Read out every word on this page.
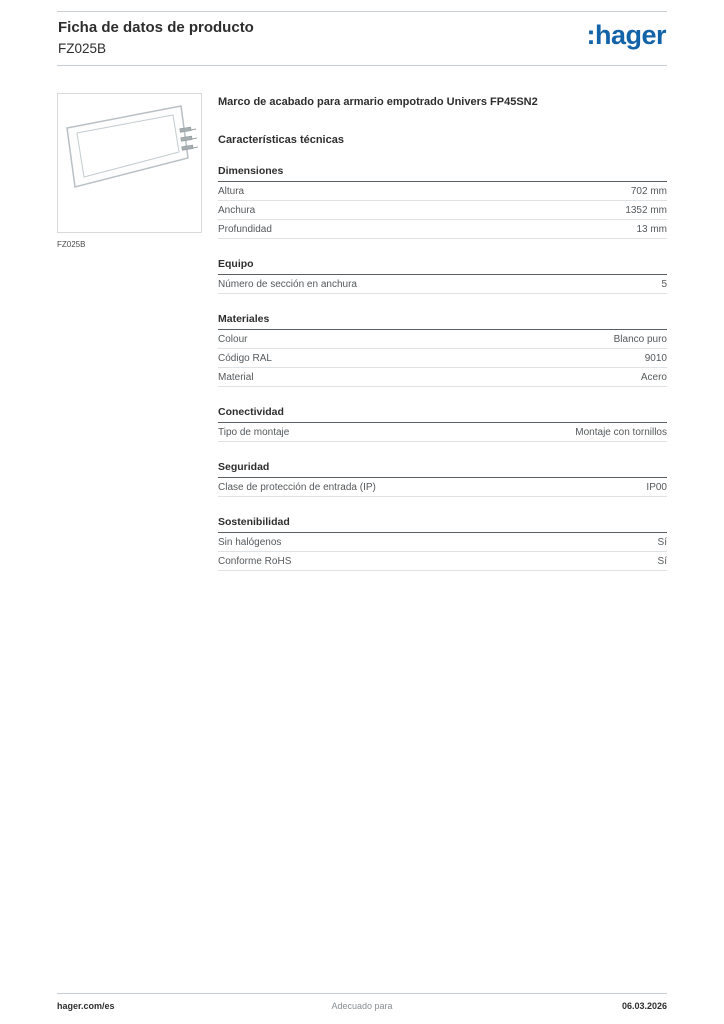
Ficha de datos de producto
FZ025B	:hager
FZ025B
Marco de acabado para armario empotrado Univers FP45SN2
Características técnicas
Dimensiones
Altura	702 mm
Anchura	1352 mm
Profundidad	13 mm
Equipo
Número de sección en anchura	5
Materiales
Colour	Blanco puro
Código RAL	9010
Material	Acero
Conectividad
Tipo de montaje	Montaje con tornillos
Seguridad
Clase de protección de entrada (IP)	IP00
Sostenibilidad
Sin halógenos	Sí
Conforme RoHS	Sí
hager.com/es	Adecuado para	06.03.2026
